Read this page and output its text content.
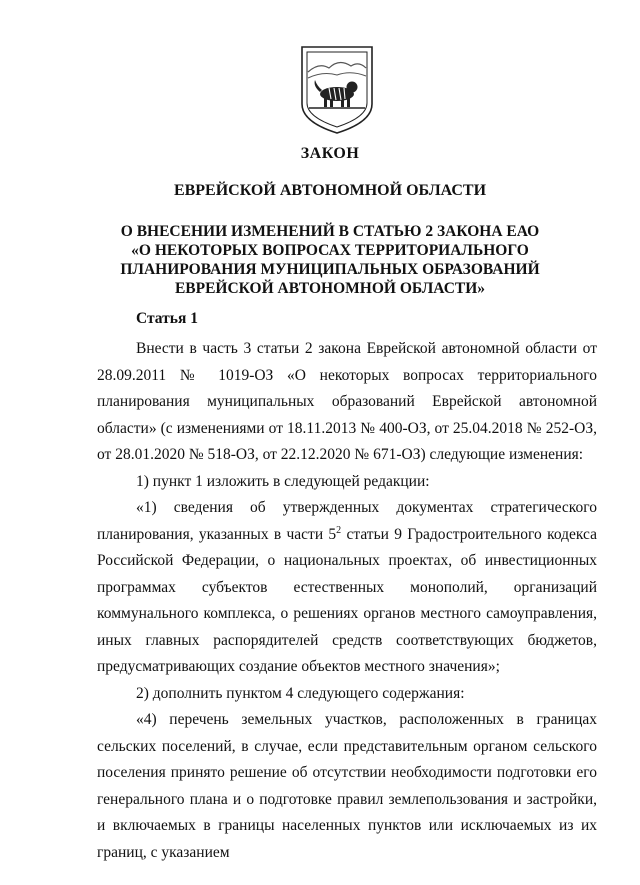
ЗАКОН
ЕВРЕЙСКОЙ АВТОНОМНОЙ ОБЛАСТИ
О ВНЕСЕНИИ ИЗМЕНЕНИЙ В СТАТЬЮ 2 ЗАКОНА ЕАО
«О НЕКОТОРЫХ ВОПРОСАХ ТЕРРИТОРИАЛЬНОГО
ПЛАНИРОВАНИЯ МУНИЦИПАЛЬНЫХ ОБРАЗОВАНИЙ
ЕВРЕЙСКОЙ АВТОНОМНОЙ ОБЛАСТИ»
Статья 1

Внести в часть 3 статьи 2 закона Еврейской автономной области от 28.09.2011 № 1019-ОЗ «О некоторых вопросах территориального планирования муниципальных образований Еврейской автономной области» (с изменениями от 18.11.2013 № 400-ОЗ, от 25.04.2018 № 252-ОЗ, от 28.01.2020 № 518-ОЗ, от 22.12.2020 № 671-ОЗ) следующие изменения:

1) пункт 1 изложить в следующей редакции:

«1) сведения об утвержденных документах стратегического планирования, указанных в части $5^2$ статьи 9 Градостроительного кодекса Российской Федерации, о национальных проектах, об инвестиционных программах субъектов естественных монополий, организаций коммунального комплекса, о решениях органов местного самоуправления, иных главных распорядителей средств соответствующих бюджетов, предусматривающих создание объектов местного значения»;

2) дополнить пунктом 4 следующего содержания:

«4) перечень земельных участков, расположенных в границах сельских поселений, в случае, если представительным органом сельского поселения принято решение об отсутствии необходимости подготовки его генерального плана и о подготовке правил землепользования и застройки, и включаемых в границы населенных пунктов или исключаемых из их границ, с указанием
